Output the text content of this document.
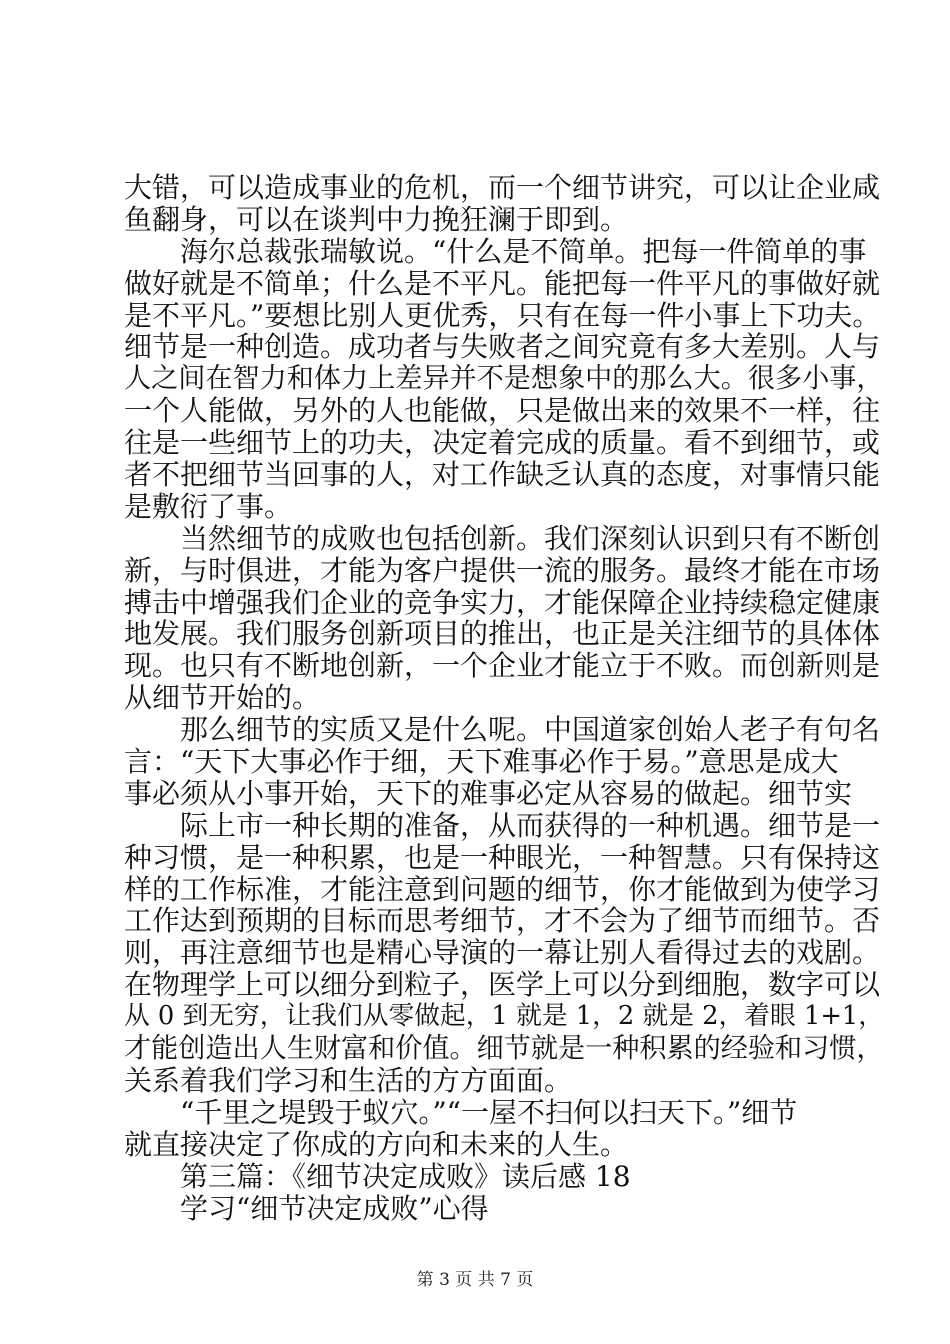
大错，可以造成事业的危机，而一个细节讲究，可以让企业咸
鱼翻身，可以在谈判中力挽狂澜于即到。
海尔总裁张瑞敏说。“什么是不简单。把每一件简单的事
做好就是不简单；什么是不平凡。能把每一件平凡的事做好就
是不平凡。”要想比别人更优秀，只有在每一件小事上下功夫。
细节是一种创造。成功者与失败者之间究竟有多大差别。人与
人之间在智力和体力上差异并不是想象中的那么大。很多小事，
一个人能做，另外的人也能做，只是做出来的效果不一样，往
往是一些细节上的功夫，决定着完成的质量。看不到细节，或
者不把细节当回事的人，对工作缺乏认真的态度，对事情只能
是敷衍了事。
当然细节的成败也包括创新。我们深刻认识到只有不断创
新，与时俱进，才能为客户提供一流的服务。最终才能在市场
搏击中增强我们企业的竞争实力，才能保障企业持续稳定健康
地发展。我们服务创新项目的推出，也正是关注细节的具体体
现。也只有不断地创新，一个企业才能立于不败。而创新则是
从细节开始的。
那么细节的实质又是什么呢。中国道家创始人老子有句名
言：“天下大事必作于细，天下难事必作于易。”意思是成大
事必须从小事开始，天下的难事必定从容易的做起。细节实
际上市一种长期的准备，从而获得的一种机遇。细节是一
种习惯，是一种积累，也是一种眼光，一种智慧。只有保持这
样的工作标准，才能注意到问题的细节，你才能做到为使学习
工作达到预期的目标而思考细节，才不会为了细节而细节。否
则，再注意细节也是精心导演的一幕让别人看得过去的戏剧。
在物理学上可以细分到粒子，医学上可以分到细胞，数字可以
从 0 到无穷，让我们从零做起，1 就是 1，2 就是 2，着眼 1+1，
才能创造出人生财富和价值。细节就是一种积累的经验和习惯，
关系着我们学习和生活的方方面面。
“千里之堤毁于蚁穴。”“一屋不扫何以扫天下。”细节
就直接决定了你成的方向和未来的人生。
第三篇：《细节决定成败》读后感 18
学习“细节决定成败”心得
第 3 页 共 7 页
